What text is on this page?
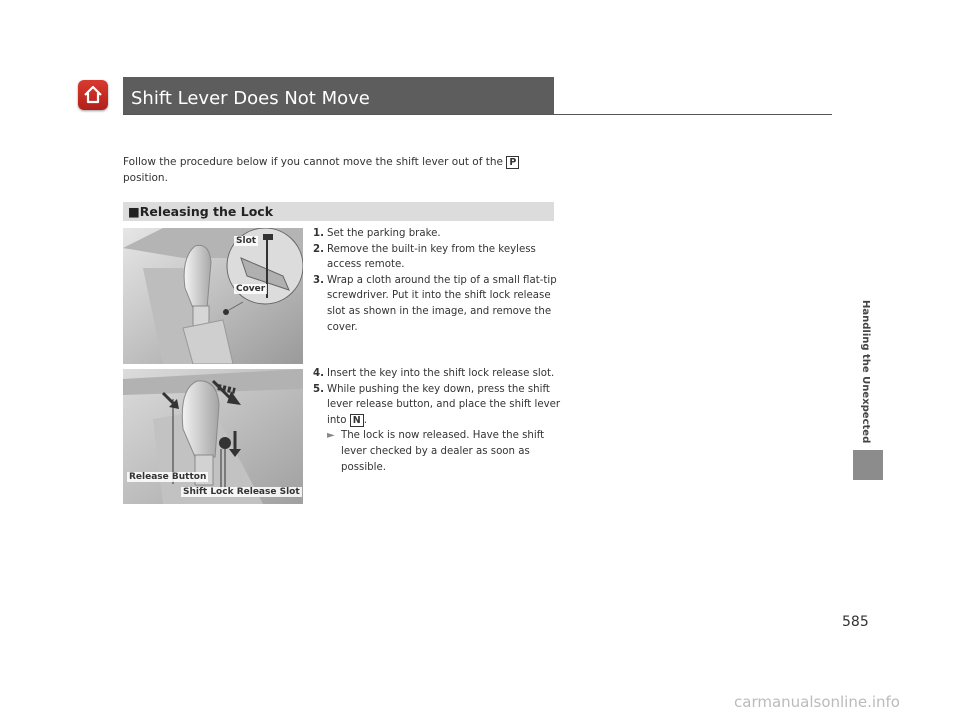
Shift Lever Does Not Move
Follow the procedure below if you cannot move the shift lever out of the P
position.
■Releasing the Lock
Slot
Cover
1. Set the parking brake.
2. Remove the built-in key from the keyless access remote.
3. Wrap a cloth around the tip of a small flat-tip screwdriver. Put it into the shift lock release slot as shown in the image, and remove the cover.
Release Button
Shift Lock Release Slot
4. Insert the key into the shift lock release slot.
5. While pushing the key down, press the shift lever release button, and place the shift lever into N .
► The lock is now released. Have the shift lever checked by a dealer as soon as possible.
Handling the Unexpected
585
carmanualsonline.info
